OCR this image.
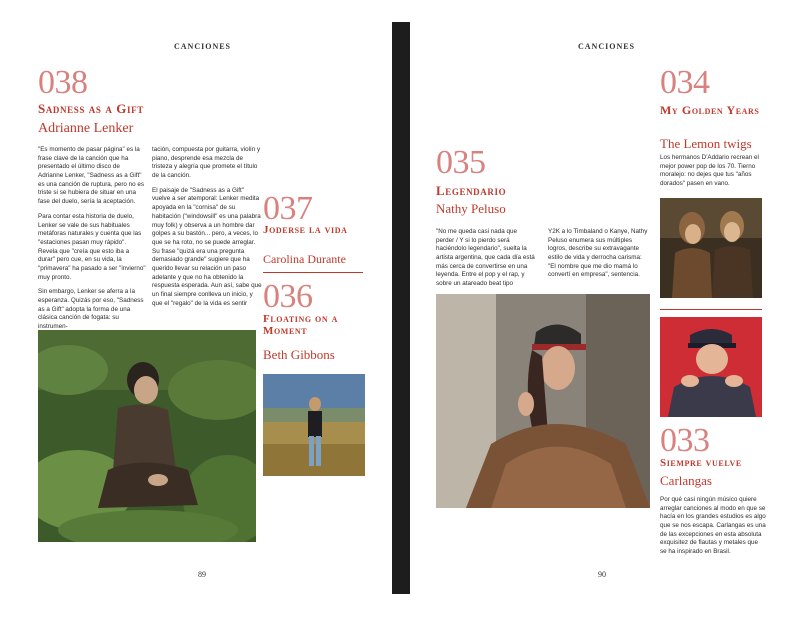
CANCIONES
038
Sadness as a Gift
Adrianne Lenker

"Es momento de pasar página" es la frase clave de la canción que ha presentado el último disco de Adrianne Lenker, "Sadness as a Gift" es una canción de ruptura, pero no es triste si se hubiera de situar en una fase del duelo, sería la aceptación.

Para contar esta historia de duelo, Lenker se vale de sus habituales metáforas naturales y cuenta que las "estaciones pasan muy rápido". Revela que "creía que esto iba a durar" pero cue, en su vida, la "primavera" ha pasado a ser "invierno" muy pronto.

Sin embargo, Lenker se aferra a la esperanza. Quizás por eso, "Sadness as a Gift" adopta la forma de una clásica canción de fogata: su instrumen-

tación, compuesta por guitarra, violín y piano, desprende esa mezcla de tristeza y alegría que promete el título de la canción.

El paisaje de "Sadness as a Gift" vuelve a ser atemporal: Lenker medita apoyada en la "cornisa" de su habitación ("windowsill" es una palabra muy folk) y observa a un hombre dar golpes a su bastón... pero, a veces, lo que se ha roto, no se puede arreglar. Su frase "quizá era una pregunta demasiado grande" sugiere que ha querido llevar su relación un paso adelante y que no ha obtenido la respuesta esperada. Aun así, sabe que un final siempre conlleva un inicio, y que el "regalo" de la vida es sentir

037
Joderse la vida
Carolina Durante
036
Floating on a Moment
Beth Gibbons
89
CANCIONES
035
Legendario
Nathy Peluso
"No me queda casi nada que perder / Y si lo pierdo será haciéndolo legendario", suelta la artista argentina, que cada día está más cerca de convertirse en una leyenda. Entre el pop y el rap, y sobre un atareado beat tipo
Y2K a lo Timbaland o Kanye, Nathy Peluso enumera sus múltiples logros, describe su extravagante estilo de vida y derrocha carisma: "El nombre que me dio mamá lo convertí en empresa", sentencia.
034
My Golden Years
The Lemon twigs
Los hermanos D'Addario recrean el mejor power pop de los 70. Tierno moralejo: no dejes que tus "años dorados" pasen en vano.
033
Siempre vuelve
Carlangas
Por qué casi ningún músico quiere arreglar canciones al modo en que se hacía en los grandes estudios es algo que se nos escapa. Carlangas es una de las excepciones en esta absoluta exquisitez de flautas y metales que se ha inspirado en Brasil.
90
